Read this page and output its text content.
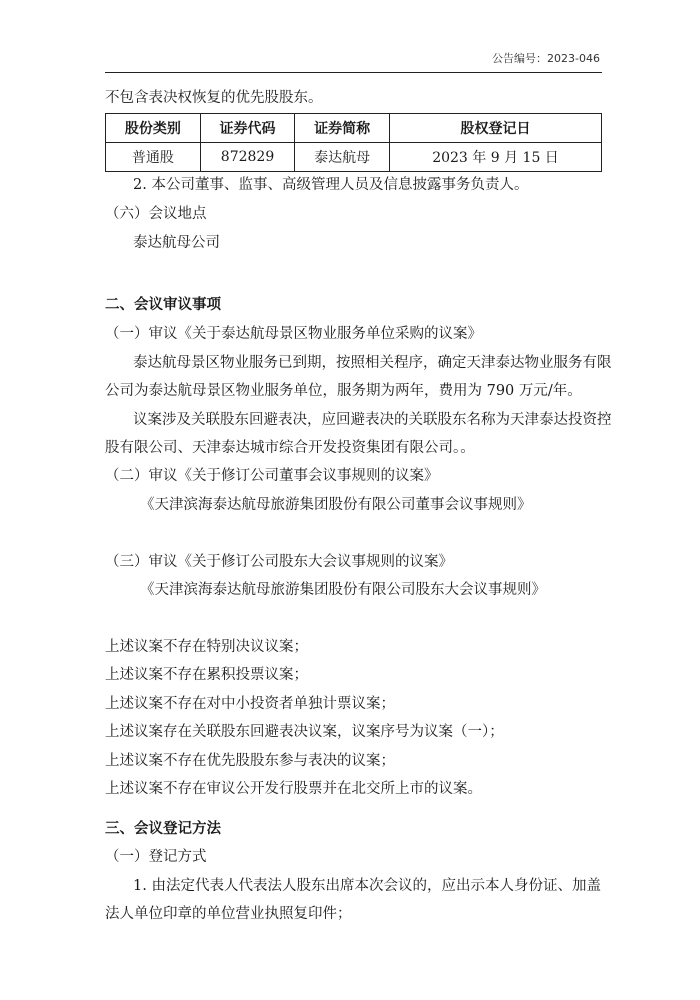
公告编号：2023-046
不包含表决权恢复的优先股股东。
股份类别	证券代码	证券简称	股权登记日
普通股	872829	泰达航母	2023 年 9 月 15 日
2. 本公司董事、监事、高级管理人员及信息披露事务负责人。
（六）会议地点
泰达航母公司
二、会议审议事项
（一）审议《关于泰达航母景区物业服务单位采购的议案》
泰达航母景区物业服务已到期，按照相关程序，确定天津泰达物业服务有限
公司为泰达航母景区物业服务单位，服务期为两年，费用为 790 万元/年。
议案涉及关联股东回避表决，应回避表决的关联股东名称为天津泰达投资控
股有限公司、天津泰达城市综合开发投资集团有限公司。。
（二）审议《关于修订公司董事会议事规则的议案》
《天津滨海泰达航母旅游集团股份有限公司董事会议事规则》
（三）审议《关于修订公司股东大会议事规则的议案》
《天津滨海泰达航母旅游集团股份有限公司股东大会议事规则》
上述议案不存在特别决议议案；
上述议案不存在累积投票议案；
上述议案不存在对中小投资者单独计票议案；
上述议案存在关联股东回避表决议案，议案序号为议案（一）；
上述议案不存在优先股股东参与表决的议案；
上述议案不存在审议公开发行股票并在北交所上市的议案。
三、会议登记方法
（一）登记方式
1. 由法定代表人代表法人股东出席本次会议的，应出示本人身份证、加盖
法人单位印章的单位营业执照复印件；
